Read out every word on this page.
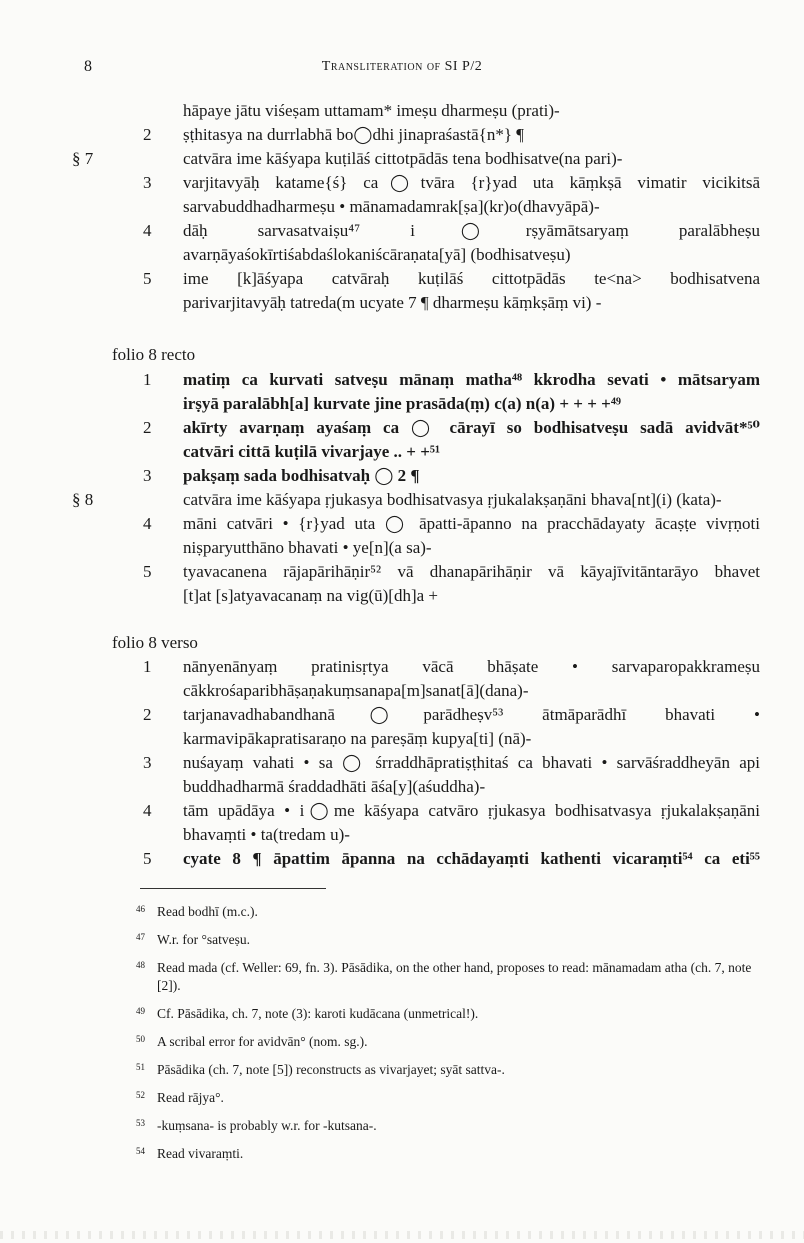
8	Transliteration of SI P/2
hāpaye jātu viśeṣam uttamam* imeṣu dharmeṣu (prati)-
2 ṣṭhitasya na durrlabhā bo◯dhi jinapraśastā{n*} ¶
§ 7	catvāra ime kāśyapa kuṭilāś cittotpādās tena bodhisatve(na pari)-
3 varjitavyāḥ katame{ś} ca◯tvāra {r}yad uta kāṃkṣā vimatir vicikitsā
sarvabuddhadharmeṣu • mānamadamrak[ṣa](kr)o(dhavyāpā)-
4 dāḥ sarvasatvaiṣu⁴⁷ i◯rṣyāmātsaryaṃ paralābheṣu
avarṇāyaśokīrtiśabdaślokaniścāraṇata[yā] (bodhisatveṣu)
5 ime [k]āśyapa catvāraḥ kuṭilāś cittotpādās te<na> bodhisatvena
parivarjitavyāḥ tatreda(m ucyate 7 ¶ dharmeṣu kāṃkṣāṃ vi) -
folio 8 recto
1 matiṃ ca kurvati satveṣu mānaṃ matha⁴⁸ kkrodha sevati • mātsaryam
irṣyā paralābh[a] kurvate jine prasāda(ṃ) c(a) n(a) + + + +⁴⁹
2 akīrty avarṇaṃ ayaśaṃ ca ◯ cārayī so bodhisatveṣu sadā avidvāt*⁵⁰
catvāri cittā kuṭilā vivarjaye .. + +⁵¹
3 pakṣaṃ sada bodhisatvaḥ ◯ 2 ¶
§ 8	catvāra ime kāśyapa ṛjukasya bodhisatvasya ṛjukalakṣaṇāni bhava[nt](i) (kata)-
4 māni catvāri • {r}yad uta ◯ āpatti-āpanno na pracchādayaty ācaṣṭe vivṛṇoti
niṣparyutthāno bhavati • ye[n](a sa)-
5 tyavacanena rājapārihāṇir⁵² vā dhanapārihāṇir vā kāyajīvitāntarāyo bhavet
[t]at [s]atyavacanaṃ na vig(ū)[dh]a +
folio 8 verso
1 nānyenānyaṃ pratinisṛtya vācā bhāṣate • sarvaparopakkrameṣu
cākkrośaparibhāṣaṇakuṃsanapa[m]sanat[ā](dana)-
2 tarjanavadhabandhanā◯parādheṣv⁵³ ātmāparādhī bhavati •
karmavipākapratisaraṇo na pareṣāṃ kupya[ti] (nā)-
3 nuśayaṃ vahati • sa ◯ śrraddhāpratiṣṭhitaś ca bhavati • sarvāśraddheyān api
buddhadharmā śraddadhāti āśa[y](aśuddha)-
4 tām upādāya • i◯me kāśyapa catvāro ṛjukasya bodhisatvasya ṛjukalakṣaṇāni
bhavaṃti • ta(tredam u)-
5 cyate 8 ¶ āpattim āpanna na cchādayaṃti kathenti vicaraṃti⁵⁴ ca eti⁵⁵
46 Read bodhī (m.c.).
47 W.r. for °satveṣu.
48 Read mada (cf. Weller: 69, fn. 3). Pāsādika, on the other hand, proposes to read: mānamadam atha (ch. 7, note [2]).
49 Cf. Pāsādika, ch. 7, note (3): karoti kudācana (unmetrical!).
50 A scribal error for avidvān° (nom. sg.).
51 Pāsādika (ch. 7, note [5]) reconstructs as vivarjayet; syāt sattva-.
52 Read rājya°.
53 -kuṃsana- is probably w.r. for -kutsana-.
54 Read vivaraṃti.
